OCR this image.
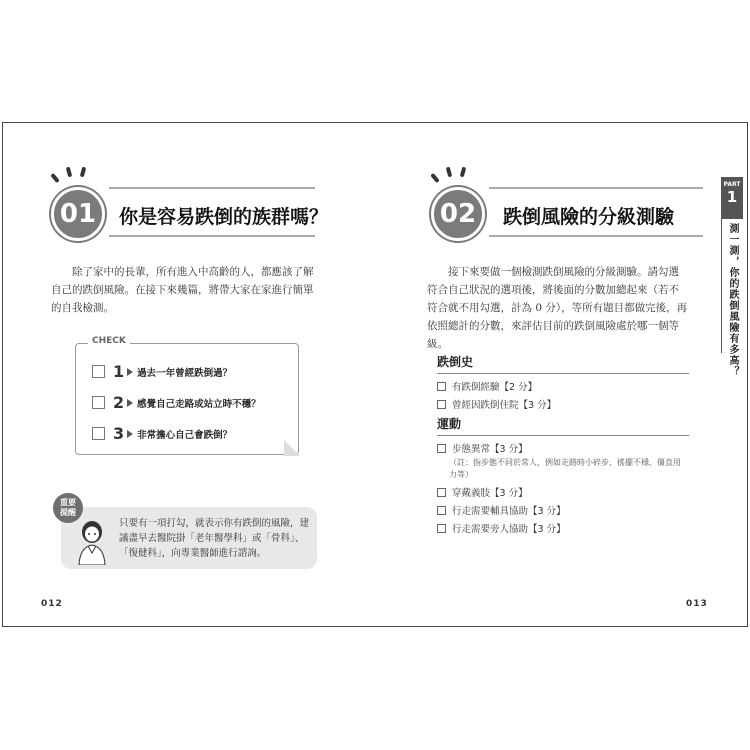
01 你是容易跌倒的族群嗎？
除了家中的長輩，所有進入中高齡的人，都應該了解自己的跌倒風險。在接下來幾篇，將帶大家在家進行簡單的自我檢測。
CHECK
1 過去一年曾經跌倒過？
2 感覺自己走路或站立時不穩？
3 非常擔心自己會跌倒？
重要提醒
只要有一項打勾，就表示你有跌倒的風險，建議盡早去醫院掛「老年醫學科」或「骨科」、「復健科」，向專業醫師進行諮詢。
012
02 跌倒風險的分級測驗
接下來要做一個檢測跌倒風險的分級測驗。請勾選符合自己狀況的選項後，將後面的分數加總起來（若不符合就不用勾選，計為 0 分），等所有題目都做完後，再依照總計的分數，來評估目前的跌倒風險處於哪一個等級。
跌倒史
有跌倒經驗【2 分】
曾經因跌倒住院【3 分】
運動
步態異常【3 分】
（註：指步態不同於常人，例如走路時小碎步、搖擺不穩、僵直用力等）
穿戴義肢【3 分】
行走需要輔具協助【3 分】
行走需要旁人協助【3 分】
013
PART
1
測一測，你的跌倒風險有多高？
